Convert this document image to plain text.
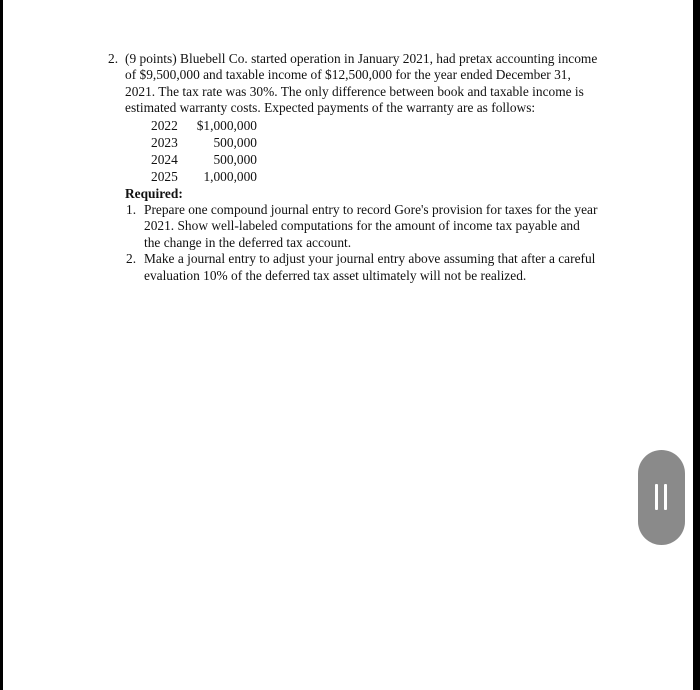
2. (9 points) Bluebell Co. started operation in January 2021, had pretax accounting income of $9,500,000 and taxable income of $12,500,000 for the year ended December 31, 2021. The tax rate was 30%. The only difference between book and taxable income is estimated warranty costs. Expected payments of the warranty are as follows:
2022	$1,000,000
2023	500,000
2024	500,000
2025	1,000,000
Required:
1. Prepare one compound journal entry to record Gore's provision for taxes for the year 2021. Show well-labeled computations for the amount of income tax payable and the change in the deferred tax account.
2. Make a journal entry to adjust your journal entry above assuming that after a careful evaluation 10% of the deferred tax asset ultimately will not be realized.
